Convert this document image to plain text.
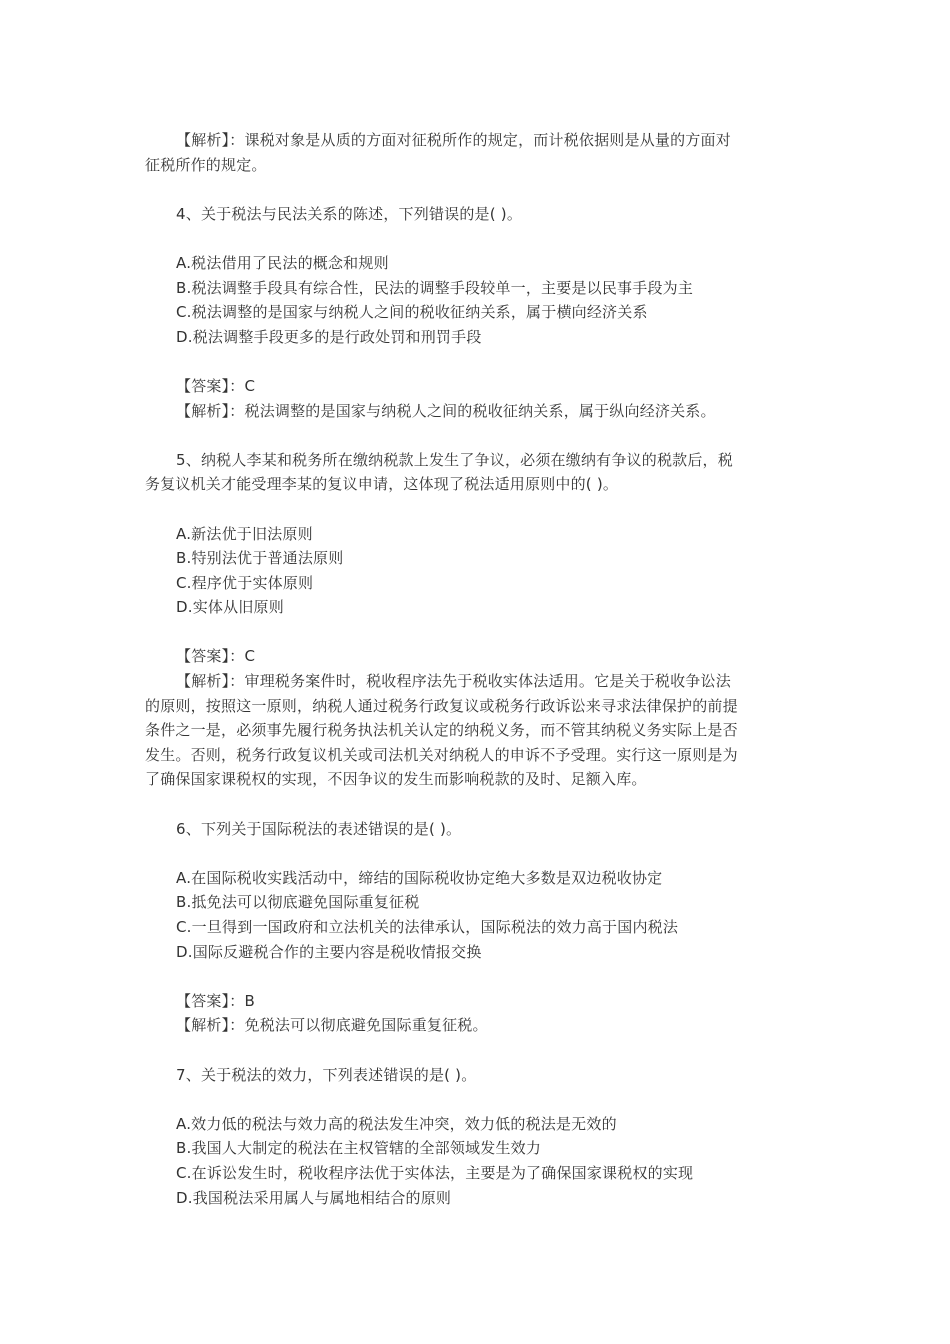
【解析】：课税对象是从质的方面对征税所作的规定，而计税依据则是从量的方面对
征税所作的规定。
4、关于税法与民法关系的陈述，下列错误的是( )。
A.税法借用了民法的概念和规则
B.税法调整手段具有综合性，民法的调整手段较单一，主要是以民事手段为主
C.税法调整的是国家与纳税人之间的税收征纳关系，属于横向经济关系
D.税法调整手段更多的是行政处罚和刑罚手段
【答案】：C
【解析】：税法调整的是国家与纳税人之间的税收征纳关系，属于纵向经济关系。
5、纳税人李某和税务所在缴纳税款上发生了争议，必须在缴纳有争议的税款后，税
务复议机关才能受理李某的复议申请，这体现了税法适用原则中的( )。
A.新法优于旧法原则
B.特别法优于普通法原则
C.程序优于实体原则
D.实体从旧原则
【答案】：C
【解析】：审理税务案件时，税收程序法先于税收实体法适用。它是关于税收争讼法
的原则，按照这一原则，纳税人通过税务行政复议或税务行政诉讼来寻求法律保护的前提
条件之一是，必须事先履行税务执法机关认定的纳税义务，而不管其纳税义务实际上是否
发生。否则，税务行政复议机关或司法机关对纳税人的申诉不予受理。实行这一原则是为
了确保国家课税权的实现，不因争议的发生而影响税款的及时、足额入库。
6、下列关于国际税法的表述错误的是( )。
A.在国际税收实践活动中，缔结的国际税收协定绝大多数是双边税收协定
B.抵免法可以彻底避免国际重复征税
C.一旦得到一国政府和立法机关的法律承认，国际税法的效力高于国内税法
D.国际反避税合作的主要内容是税收情报交换
【答案】：B
【解析】：免税法可以彻底避免国际重复征税。
7、关于税法的效力，下列表述错误的是( )。
A.效力低的税法与效力高的税法发生冲突，效力低的税法是无效的
B.我国人大制定的税法在主权管辖的全部领域发生效力
C.在诉讼发生时，税收程序法优于实体法，主要是为了确保国家课税权的实现
D.我国税法采用属人与属地相结合的原则
